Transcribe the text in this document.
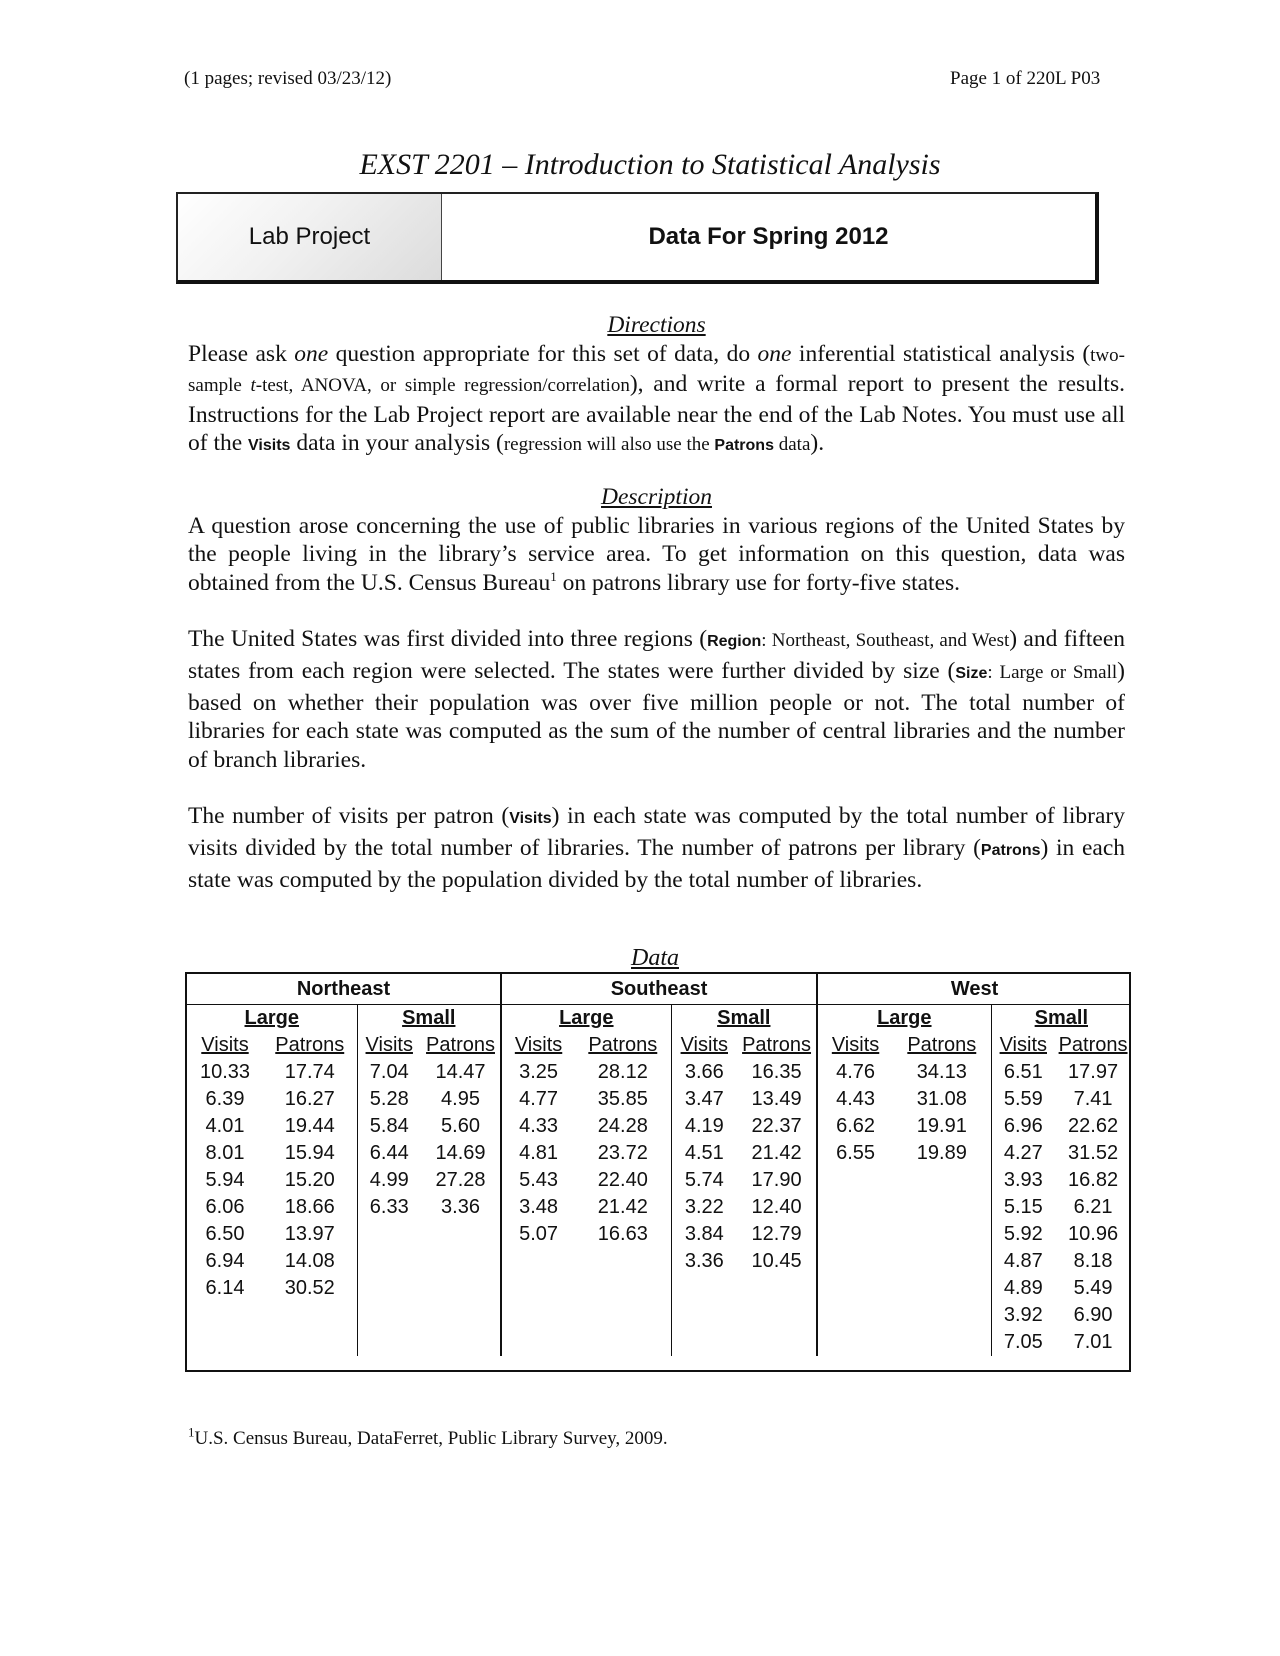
(1 pages; revised 03/23/12)	Page 1 of 220L P03
EXST 2201 – Introduction to Statistical Analysis
Lab Project	Data For Spring 2012

Directions

Please ask one question appropriate for this set of data, do one inferential statistical analysis (two-sample t-test, ANOVA, or simple regression/correlation), and write a formal report to present the results. Instructions for the Lab Project report are available near the end of the Lab Notes. You must use all of the Visits data in your analysis (regression will also use the Patrons data).

Description

A question arose concerning the use of public libraries in various regions of the United States by the people living in the library’s service area. To get information on this question, data was obtained from the U.S. Census Bureau$^1$ on patrons library use for forty-five states.

The United States was first divided into three regions (Region: Northeast, Southeast, and West) and fifteen states from each region were selected. The states were further divided by size (Size: Large or Small) based on whether their population was over five million people or not. The total number of libraries for each state was computed as the sum of the number of central libraries and the number of branch libraries.

The number of visits per patron (Visits) in each state was computed by the total number of library visits divided by the total number of libraries. The number of patrons per library (Patrons) in each state was computed by the population divided by the total number of libraries.

Data
Northeast				Southeast				West			
Large		Small		Large		Small		Large		Small	
Visits	Patrons	Visits	Patrons	Visits	Patrons	Visits	Patrons	Visits	Patrons	Visits	Patrons
10.33	17.74	7.04	14.47	3.25	28.12	3.66	16.35	4.76	34.13	6.51	17.97
6.39	16.27	5.28	4.95	4.77	35.85	3.47	13.49	4.43	31.08	5.59	7.41
4.01	19.44	5.84	5.60	4.33	24.28	4.19	22.37	6.62	19.91	6.96	22.62
8.01	15.94	6.44	14.69	4.81	23.72	4.51	21.42	6.55	19.89	4.27	31.52
5.94	15.20	4.99	27.28	5.43	22.40	5.74	17.90			3.93	16.82
6.06	18.66	6.33	3.36	3.48	21.42	3.22	12.40			5.15	6.21
6.50	13.97			5.07	16.63	3.84	12.79			5.92	10.96
6.94	14.08					3.36	10.45			4.87	8.18
6.14	30.52									4.89	5.49
										3.92	6.90
										7.05	7.01
$^1$U.S. Census Bureau, DataFerret, Public Library Survey, 2009.
